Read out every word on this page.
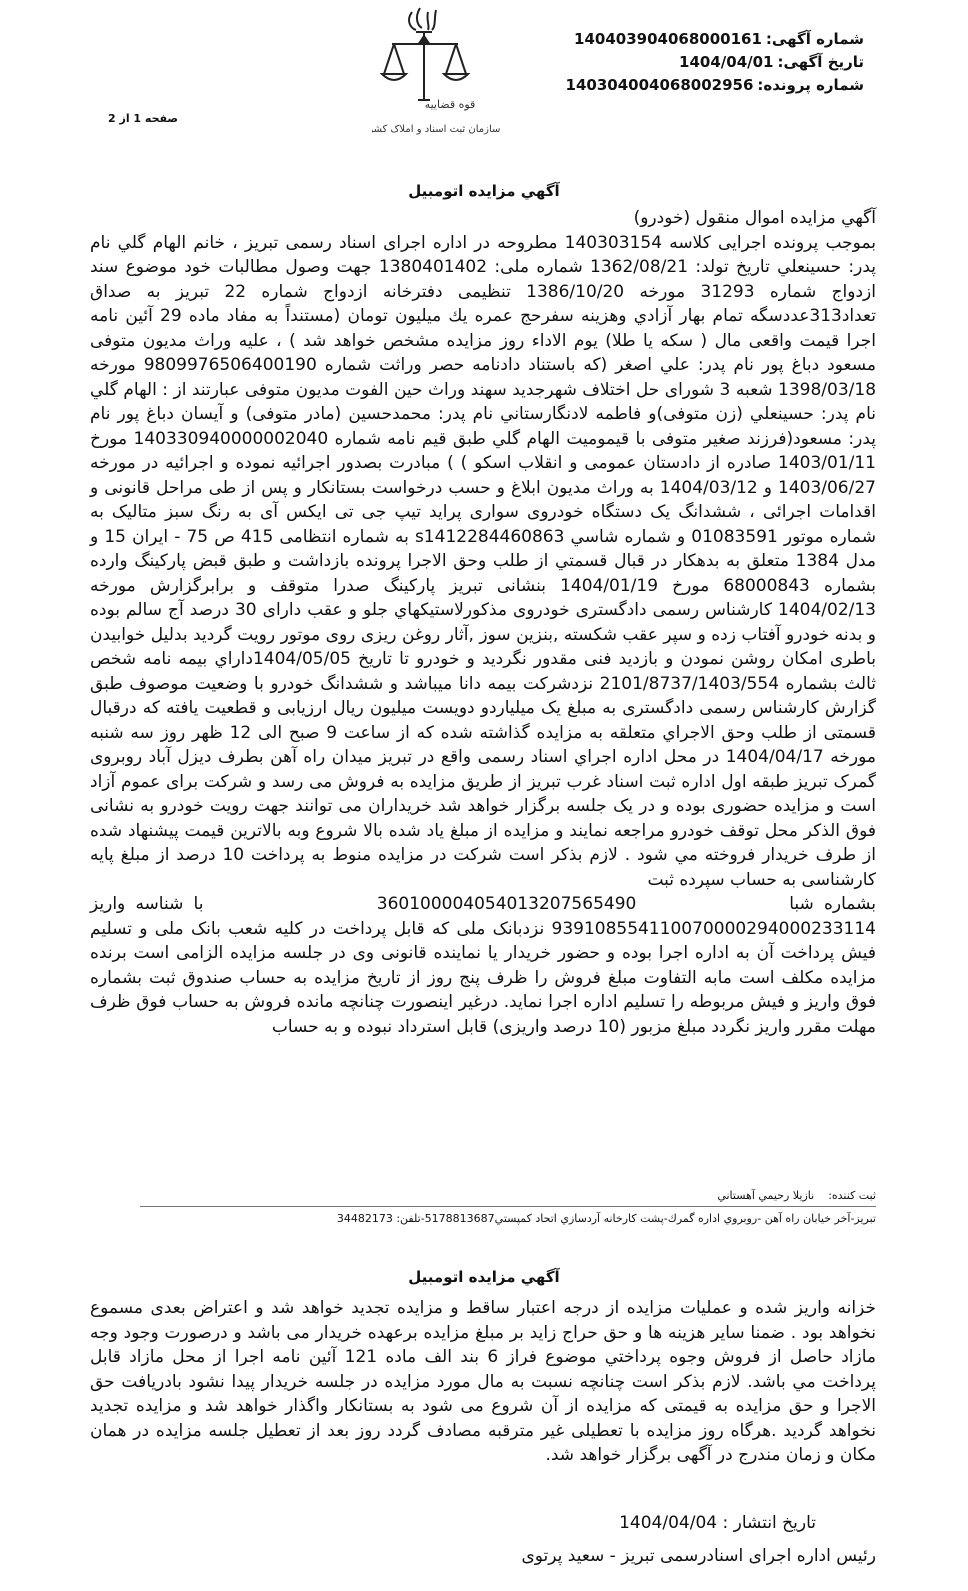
شماره آگهی:14040390406800016‌1
تاریخ آگهی:1404/04/01
شماره پرونده:140304004068002956
قوه قضاییه
سازمان ثبت اسناد و املاک کشور
صفحه 1 از 2
آگهي مزايده اتومبيل

آگهي مزايده اموال منقول (خودرو)

بموجب پرونده اجرایی کلاسه 140303154 مطروحه در اداره اجرای اسناد رسمی تبریز ، خانم الهام گلي نام پدر: حسينعلي تاریخ تولد: 1362/08/21 شماره ملی: 1380401402 جهت وصول مطالبات خود موضوع سند ازدواج شماره 31293 مورخه 1386/10/20 تنظیمی دفترخانه ازدواج شماره 22 تبریز به صداق تعداد313عددسگه تمام بهار آزادي وهزينه سفرحج عمره يك ميليون تومان (مستنداً به مفاد ماده 29 آئین نامه اجرا قیمت واقعی مال ( سکه یا طلا) یوم الاداء روز مزایده مشخص خواهد شد ) ، عليه وراث مديون متوفی مسعود دباغ پور نام پدر: علي اصغر (كه باستناد دادنامه حصر وراثت شماره 9809976506400190 مورخه 1398/03/18 شعبه 3 شورای حل اختلاف شهرجديد سهند وراث حين الفوت مدیون متوفی عبارتند از : الهام گلي نام پدر: حسينعلي (زن متوفی)و فاطمه لادنگارستاني نام پدر: محمدحسين (مادر متوفی) و آيسان دباغ پور نام پدر: مسعود(فرزند صغیر متوفی با قيموميت الهام گلي طبق قيم نامه شماره 140330940000002040 مورخ 1403/01/11 صادره از دادستان عمومی و انقلاب اسکو ) ) مبادرت بصدور اجرائیه نموده و اجرائیه در مورخه 1403/06/27 و 1404/03/12 به وراث مديون ابلاغ و حسب درخواست بستانکار و پس از طی مراحل قانونی و اقدامات اجرائی ، ششدانگ یک دستگاه خودروی سواری پراید تیپ جی تی ایکس آی به رنگ سبز متالیک به شماره موتور 01083591 و شماره شاسي s1412284460863 به شماره انتظامی 415 ص 75 - ایران 15 و مدل 1384 متعلق به بدهكار در قبال قسمتي از طلب وحق الاجرا پرونده بازداشت و طبق قبض پارکینگ وارده بشماره 68000843 مورخ 1404/01/19 بنشانی تبریز پارکینگ صدرا متوقف و برابرگزارش مورخه 1404/02/13 کارشناس رسمی دادگستری خودروی مذكورلاستيكهاي جلو و عقب دارای 30 درصد آج سالم بوده و بدنه خودرو آفتاب زده و سپر عقب شکسته ,بنزین سوز ,آثار روغن ریزی روی موتور رویت گردید بدلیل خوابیدن باطری امکان روشن نمودن و بازدید فنی مقدور نگردید و خودرو تا تاریخ 1404/05/05داراي بيمه نامه شخص ثالث بشماره 2101/8737/1403/554 نزدشرکت بیمه دانا میباشد و ششدانگ خودرو با وضعیت موصوف طبق گزارش کارشناس رسمی دادگستری به مبلغ یک میلیاردو دویست میلیون ریال ارزیابی و قطعیت یافته که درقبال قسمتی از طلب وحق الاجراي متعلقه به مزایده گذاشته شده كه از ساعت 9 صبح الی 12 ظهر روز سه شنبه مورخه 1404/04/17 در محل اداره اجراي اسناد رسمی واقع در تبریز میدان راه آهن بطرف دیزل آباد روبروی گمرک تبریز طبقه اول اداره ثبت اسناد غرب تبریز از طریق مزایده به فروش می رسد و شرکت برای عموم آزاد است و مزایده حضوری بوده و در یک جلسه برگزار خواهد شد خریداران می توانند جهت رویت خودرو به نشانی فوق الذكر محل توقف خودرو مراجعه نمایند و مزایده از مبلغ یاد شده بالا شروع وبه بالاترين قيمت پيشنهاد شده از طرف خريدار فروخته مي شود . لازم بذکر است شرکت در مزایده منوط به پرداخت 10 درصد از مبلغ پایه کارشناسی به حساب سپرده ثبت

بشماره شبا               360100004054013207565490                 با شناسه واريز

939108554110070000294000233114 نزدبانک ملی که قابل پرداخت در کلیه شعب بانک ملی و تسلیم فیش پرداخت آن به اداره اجرا بوده و حضور خریدار یا نماینده قانونی وی در جلسه مزایده الزامی است برنده مزایده مکلف است مابه التفاوت مبلغ فروش را ظرف پنج روز از تاریخ مزایده به حساب صندوق ثبت بشماره فوق واريز و فيش مربوطه را تسلیم اداره اجرا نماید. درغیر اینصورت چنانچه مانده فروش به حساب فوق ظرف مهلت مقرر واریز نگردد مبلغ مزبور (10 درصد واریزی) قابل استرداد نبوده و به حساب

ثبت كننده:نازيلا رحيمي آهستاني
تبريز-آخر خيابان راه آهن -روبروي اداره گمرك-پشت كارخانه آردسازي اتحاد كمپستي5178813687-تلفن: 34482173
آگهي مزايده اتومبيل

خزانه واریز شده و عملیات مزایده از درجه اعتبار ساقط و مزایده تجدید خواهد شد و اعتراض بعدی مسموع نخواهد بود . ضمنا سایر هزینه ها و حق حراج زاید بر مبلغ مزایده برعهده خریدار می باشد و درصورت وجود وجه مازاد حاصل از فروش وجوه پرداختي موضوع فراز 6 بند الف ماده 121 آئین نامه اجرا از محل مازاد قابل پرداخت مي باشد. لازم بذکر است چنانچه نسبت به مال مورد مزايده در جلسه خريدار پيدا نشود بادریافت حق الاجرا و حق مزايده به قيمتی كه مزايده از آن شروع می شود به بستانكار واگذار خواهد شد و مزایده تجدید نخواهد گردید .هرگاه روز مزايده با تعطيلی غير مترقبه مصادف گردد روز بعد از تعطيل جلسه مزايده در همان مكان و زمان مندرج در آگهی برگزار خواهد شد.

تاریخ انتشار : 1404/04/04
رئیس اداره اجرای اسنادرسمی تبریز - سعيد پرتوی
